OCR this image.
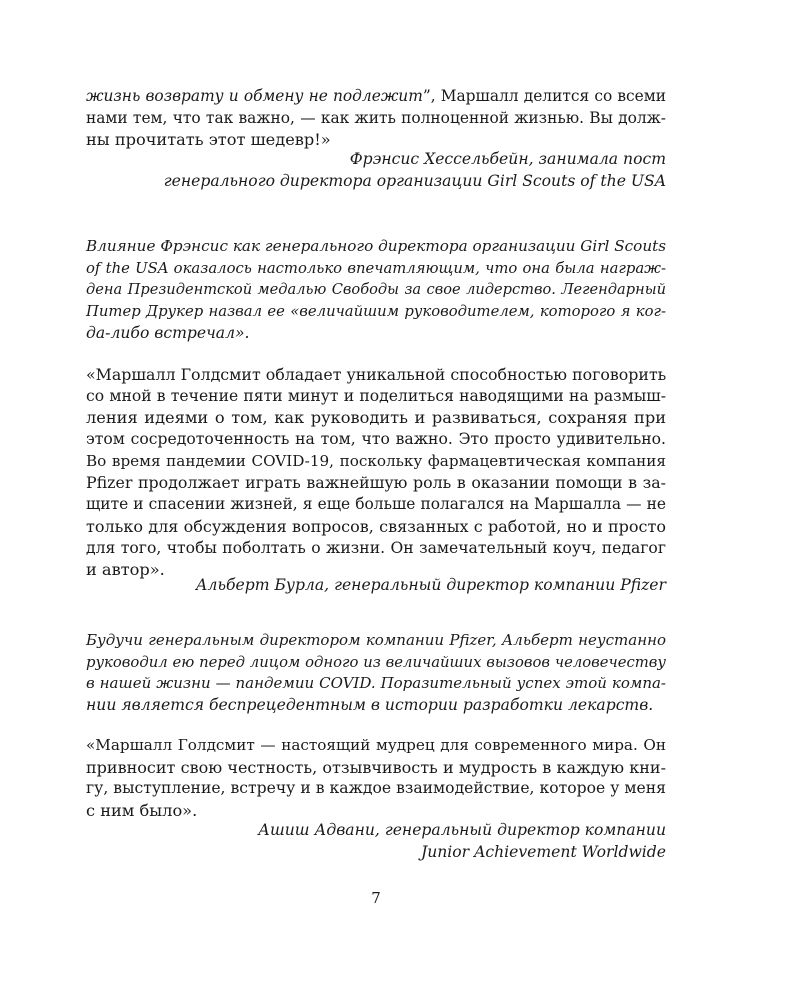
жизнь возврату и обмену не подлежит”, Маршалл делится со всеми
нами тем, что так важно, — как жить полноценной жизнью. Вы долж-
ны прочитать этот шедевр!»
Фрэнсис Хессельбейн, занимала пост
генерального директора организации Girl Scouts of the USA
Влияние Фрэнсис как генерального директора организации Girl Scouts
of the USA оказалось настолько впечатляющим, что она была награж-
дена Президентской медалью Свободы за свое лидерство. Легендарный
Питер Друкер назвал ее «величайшим руководителем, которого я ког-
да-либо встречал».
«Маршалл Голдсмит обладает уникальной способностью поговорить
со мной в течение пяти минут и поделиться наводящими на размыш-
ления идеями о том, как руководить и развиваться, сохраняя при
этом сосредоточенность на том, что важно. Это просто удивительно.
Во время пандемии COVID-19, поскольку фармацевтическая компания
Pfizer продолжает играть важнейшую роль в оказании помощи в за-
щите и спасении жизней, я еще больше полагался на Маршалла — не
только для обсуждения вопросов, связанных с работой, но и просто
для того, чтобы поболтать о жизни. Он замечательный коуч, педагог
и автор».
Альберт Бурла, генеральный директор компании Pfizer
Будучи генеральным директором компании Pfizer, Альберт неустанно
руководил ею перед лицом одного из величайших вызовов человечеству
в нашей жизни — пандемии COVID. Поразительный успех этой компа-
нии является беспрецедентным в истории разработки лекарств.
«Маршалл Голдсмит — настоящий мудрец для современного мира. Он
привносит свою честность, отзывчивость и мудрость в каждую кни-
гу, выступление, встречу и в каждое взаимодействие, которое у меня
с ним было».
Ашиш Адвани, генеральный директор компании
Junior Achievement Worldwide
7
